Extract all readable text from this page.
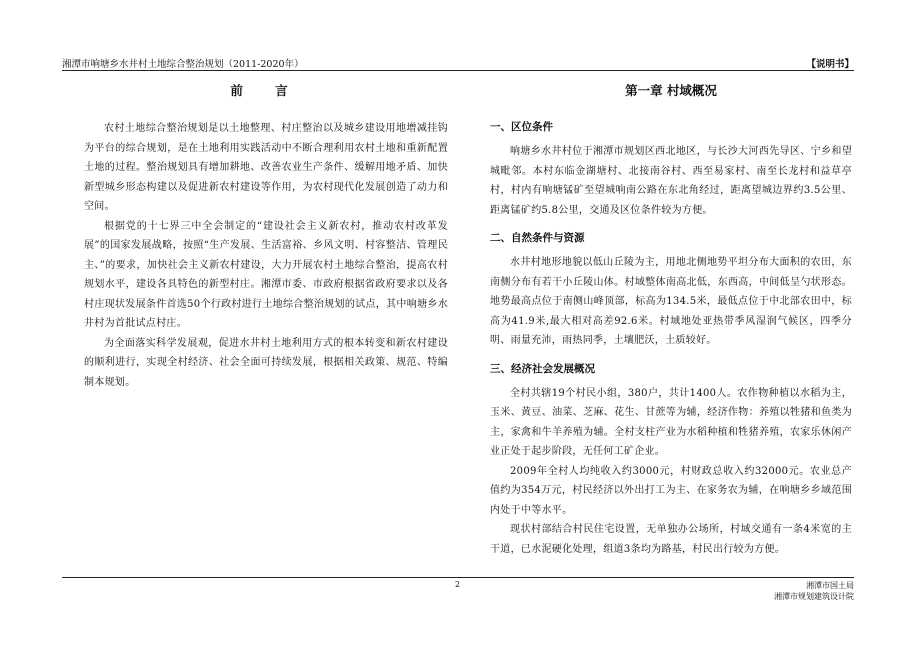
湘潭市响塘乡水井村土地综合整治规划（2011-2020年）	【说明书】
前 言

农村土地综合整治规划是以土地整理、村庄整治以及城乡建设用地增减挂钩为平台的综合规划，是在土地利用实践活动中不断合理利用农村土地和重新配置土地的过程。整治规划具有增加耕地、改善农业生产条件、缓解用地矛盾、加快新型城乡形态构建以及促进新农村建设等作用，为农村现代化发展创造了动力和空间。

根据党的十七界三中全会制定的“建设社会主义新农村，推动农村改革发展”的国家发展战略，按照“生产发展、生活富裕、乡风文明、村容整洁、管理民主、”的要求，加快社会主义新农村建设，大力开展农村土地综合整治，提高农村规划水平，建设各具特色的新型村庄。湘潭市委、市政府根据省政府要求以及各村庄现状发展条件首选50个行政村进行土地综合整治规划的试点，其中响塘乡水井村为首批试点村庄。

为全面落实科学发展观，促进水井村土地利用方式的根本转变和新农村建设的顺利进行，实现全村经济、社会全面可持续发展，根据相关政策、规范、特编制本规划。

第一章 村域概况
一、区位条件

响塘乡水井村位于湘潭市规划区西北地区，与长沙大河西先导区、宁乡和望城毗邻。本村东临金湖塘村、北接南谷村、西至易家村、南至长龙村和益草亭村，村内有响塘锰矿至望城响南公路在东北角经过，距离望城边界约3.5公里、距离锰矿约5.8公里，交通及区位条件较为方便。

二、自然条件与资源

水井村地形地貌以低山丘陵为主，用地北侧地势平坦分布大面积的农田，东南侧分布有若干小丘陵山体。村域整体南高北低，东西高，中间低呈勺状形态。地势最高点位于南侧山峰顶部，标高为134.5米，最低点位于中北部农田中，标高为41.9米,最大相对高差92.6米。村域地处亚热带季风湿润气候区，四季分明、雨量充沛，雨热同季，土壤肥沃，土质较好。

三、经济社会发展概况

全村共辖19个村民小组，380户，共计1400人。农作物种植以水稻为主，玉米、黄豆、油菜、芝麻、花生、甘蔗等为辅，经济作物：养殖以牲猪和鱼类为主，家禽和牛羊养殖为辅。全村支柱产业为水稻种植和牲猪养殖，农家乐休闲产业正处于起步阶段，无任何工矿企业。

2009年全村人均纯收入约3000元，村财政总收入约32000元。农业总产值约为354万元，村民经济以外出打工为主、在家务农为辅，在响塘乡乡域范围内处于中等水平。

现状村部结合村民住宅设置，无单独办公场所，村域交通有一条4米宽的主干道，已水泥硬化处理，组道3条均为路基，村民出行较为方便。

2	湘潭市国土局
湘潭市规划建筑设计院
